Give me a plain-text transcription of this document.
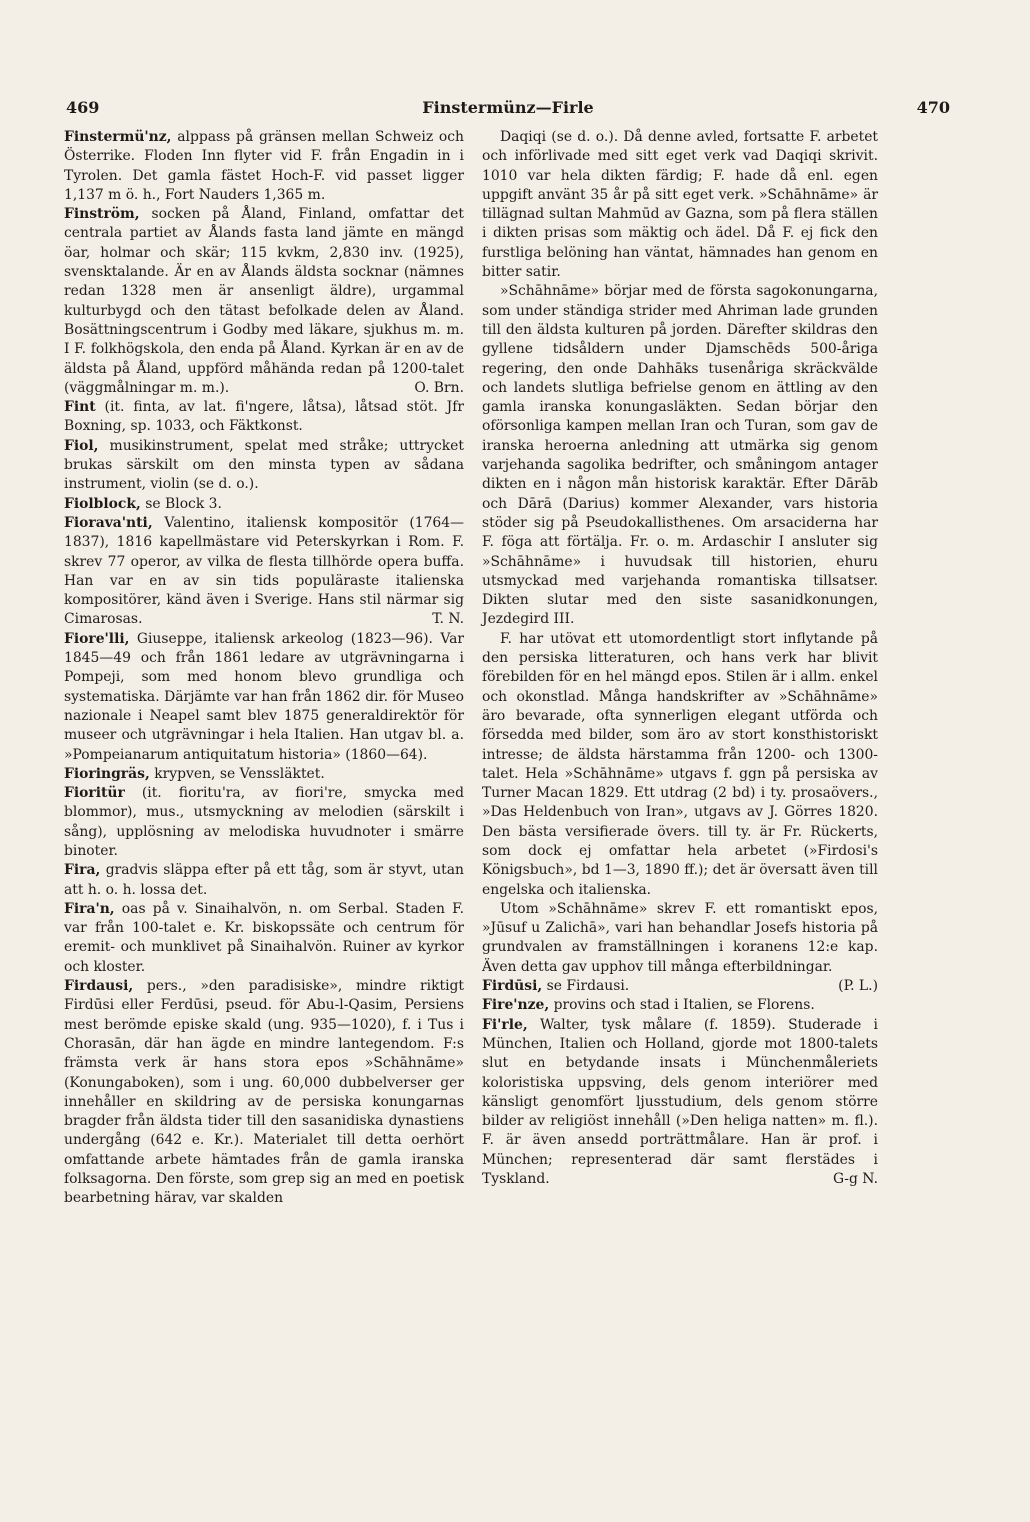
469	Finstermünz—Firle	470

Finstermü'nz, alppass på gränsen mellan Schweiz och Österrike. Floden Inn flyter vid F. från Engadin in i Tyrolen. Det gamla fästet Hoch-F. vid passet ligger 1,137 m ö. h., Fort Nauders 1,365 m.

Finström, socken på Åland, Finland, omfattar det centrala partiet av Ålands fasta land jämte en mängd öar, holmar och skär; 115 kvkm, 2,830 inv. (1925), svensktalande. Är en av Ålands äldsta socknar (nämnes redan 1328 men är ansenligt äldre), urgammal kulturbygd och den tätast befolkade delen av Åland. Bosättningscentrum i Godby med läkare, sjukhus m. m. I F. folkhögskola, den enda på Åland. Kyrkan är en av de äldsta på Åland, uppförd måhända redan på 1200-talet (väggmålningar m. m.).	O. Brn.

Fint (it. finta, av lat. fi'ngere, låtsa), låtsad stöt. Jfr Boxning, sp. 1033, och Fäktkonst.

Fiol, musikinstrument, spelat med stråke; uttrycket brukas särskilt om den minsta typen av sådana instrument, violin (se d. o.).

Fiolblock, se Block 3.

Fiorava'nti, Valentino, italiensk kompositör (1764—1837), 1816 kapellmästare vid Peterskyrkan i Rom. F. skrev 77 operor, av vilka de flesta tillhörde opera buffa. Han var en av sin tids populäraste italienska kompositörer, känd även i Sverige. Hans stil närmar sig Cimarosas.	T. N.

Fiore'lli, Giuseppe, italiensk arkeolog (1823—96). Var 1845—49 och från 1861 ledare av utgrävningarna i Pompeji, som med honom blevo grundliga och systematiska. Därjämte var han från 1862 dir. för Museo nazionale i Neapel samt blev 1875 generaldirektör för museer och utgrävningar i hela Italien. Han utgav bl. a. »Pompeianarum antiquitatum historia» (1860—64).

Fioringräs, krypven, se Venssläktet.

Fioritür (it. fioritu'ra, av fiori're, smycka med blommor), mus., utsmyckning av melodien (särskilt i sång), upplösning av melodiska huvudnoter i smärre binoter.

Fira, gradvis släppa efter på ett tåg, som är styvt, utan att h. o. h. lossa det.

Fira'n, oas på v. Sinaihalvön, n. om Serbal. Staden F. var från 100-talet e. Kr. biskopssäte och centrum för eremit- och munklivet på Sinaihalvön. Ruiner av kyrkor och kloster.

Firdausi, pers., »den paradisiske», mindre riktigt Firdūsi eller Ferdūsi, pseud. för Abu-l-Qasim, Persiens mest berömde episke skald (ung. 935—1020), f. i Tus i Chorasān, där han ägde en mindre lantegendom. F:s främsta verk är hans stora epos »Schāhnāme» (Konungaboken), som i ung. 60,000 dubbelverser ger innehåller en skildring av de persiska konungarnas bragder från äldsta tider till den sasanidiska dynastiens undergång (642 e. Kr.). Materialet till detta oerhört omfattande arbete hämtades från de gamla iranska folksagorna. Den förste, som grep sig an med en poetisk bearbetning härav, var skalden

Daqiqi (se d. o.). Då denne avled, fortsatte F. arbetet och införlivade med sitt eget verk vad Daqiqi skrivit. 1010 var hela dikten färdig; F. hade då enl. egen uppgift använt 35 år på sitt eget verk. »Schāhnāme» är tillägnad sultan Mahmūd av Gazna, som på flera ställen i dikten prisas som mäktig och ädel. Då F. ej fick den furstliga belöning han väntat, hämnades han genom en bitter satir.

»Schāhnāme» börjar med de första sagokonungarna, som under ständiga strider med Ahriman lade grunden till den äldsta kulturen på jorden. Därefter skildras den gyllene tidsåldern under Djamschēds 500-åriga regering, den onde Dahhāks tusenåriga skräckvälde och landets slutliga befrielse genom en ättling av den gamla iranska konungasläkten. Sedan börjar den oförsonliga kampen mellan Iran och Turan, som gav de iranska heroerna anledning att utmärka sig genom varjehanda sagolika bedrifter, och småningom antager dikten en i någon mån historisk karaktär. Efter Dārāb och Dārā (Darius) kommer Alexander, vars historia stöder sig på Pseudokallisthenes. Om arsaciderna har F. föga att förtälja. Fr. o. m. Ardaschir I ansluter sig »Schāhnāme» i huvudsak till historien, ehuru utsmyckad med varjehanda romantiska tillsatser. Dikten slutar med den siste sasanidkonungen, Jezdegird III.

F. har utövat ett utomordentligt stort inflytande på den persiska litteraturen, och hans verk har blivit förebilden för en hel mängd epos. Stilen är i allm. enkel och okonstlad. Många handskrifter av »Schāhnāme» äro bevarade, ofta synnerligen elegant utförda och försedda med bilder, som äro av stort konsthistoriskt intresse; de äldsta härstamma från 1200- och 1300-talet. Hela »Schāhnāme» utgavs f. ggn på persiska av Turner Macan 1829. Ett utdrag (2 bd) i ty. prosaövers., »Das Heldenbuch von Iran», utgavs av J. Görres 1820. Den bästa versifierade övers. till ty. är Fr. Rückerts, som dock ej omfattar hela arbetet (»Firdosi's Königsbuch», bd 1—3, 1890 ff.); det är översatt även till engelska och italienska.

Utom »Schāhnāme» skrev F. ett romantiskt epos, »Jūsuf u Zalichā», vari han behandlar Josefs historia på grundvalen av framställningen i koranens 12:e kap. Även detta gav upphov till många efterbildningar.
(P. L.)

Firdūsi, se Firdausi.

Fire'nze, provins och stad i Italien, se Florens.

Fi'rle, Walter, tysk målare (f. 1859). Studerade i München, Italien och Holland, gjorde mot 1800-talets slut en betydande insats i Münchenmåleriets koloristiska uppsving, dels genom interiörer med känsligt genomfört ljusstudium, dels genom större bilder av religiöst innehåll (»Den heliga natten» m. fl.). F. är även ansedd porträttmålare. Han är prof. i München; representerad där samt flerstädes i Tyskland.	G-g N.
